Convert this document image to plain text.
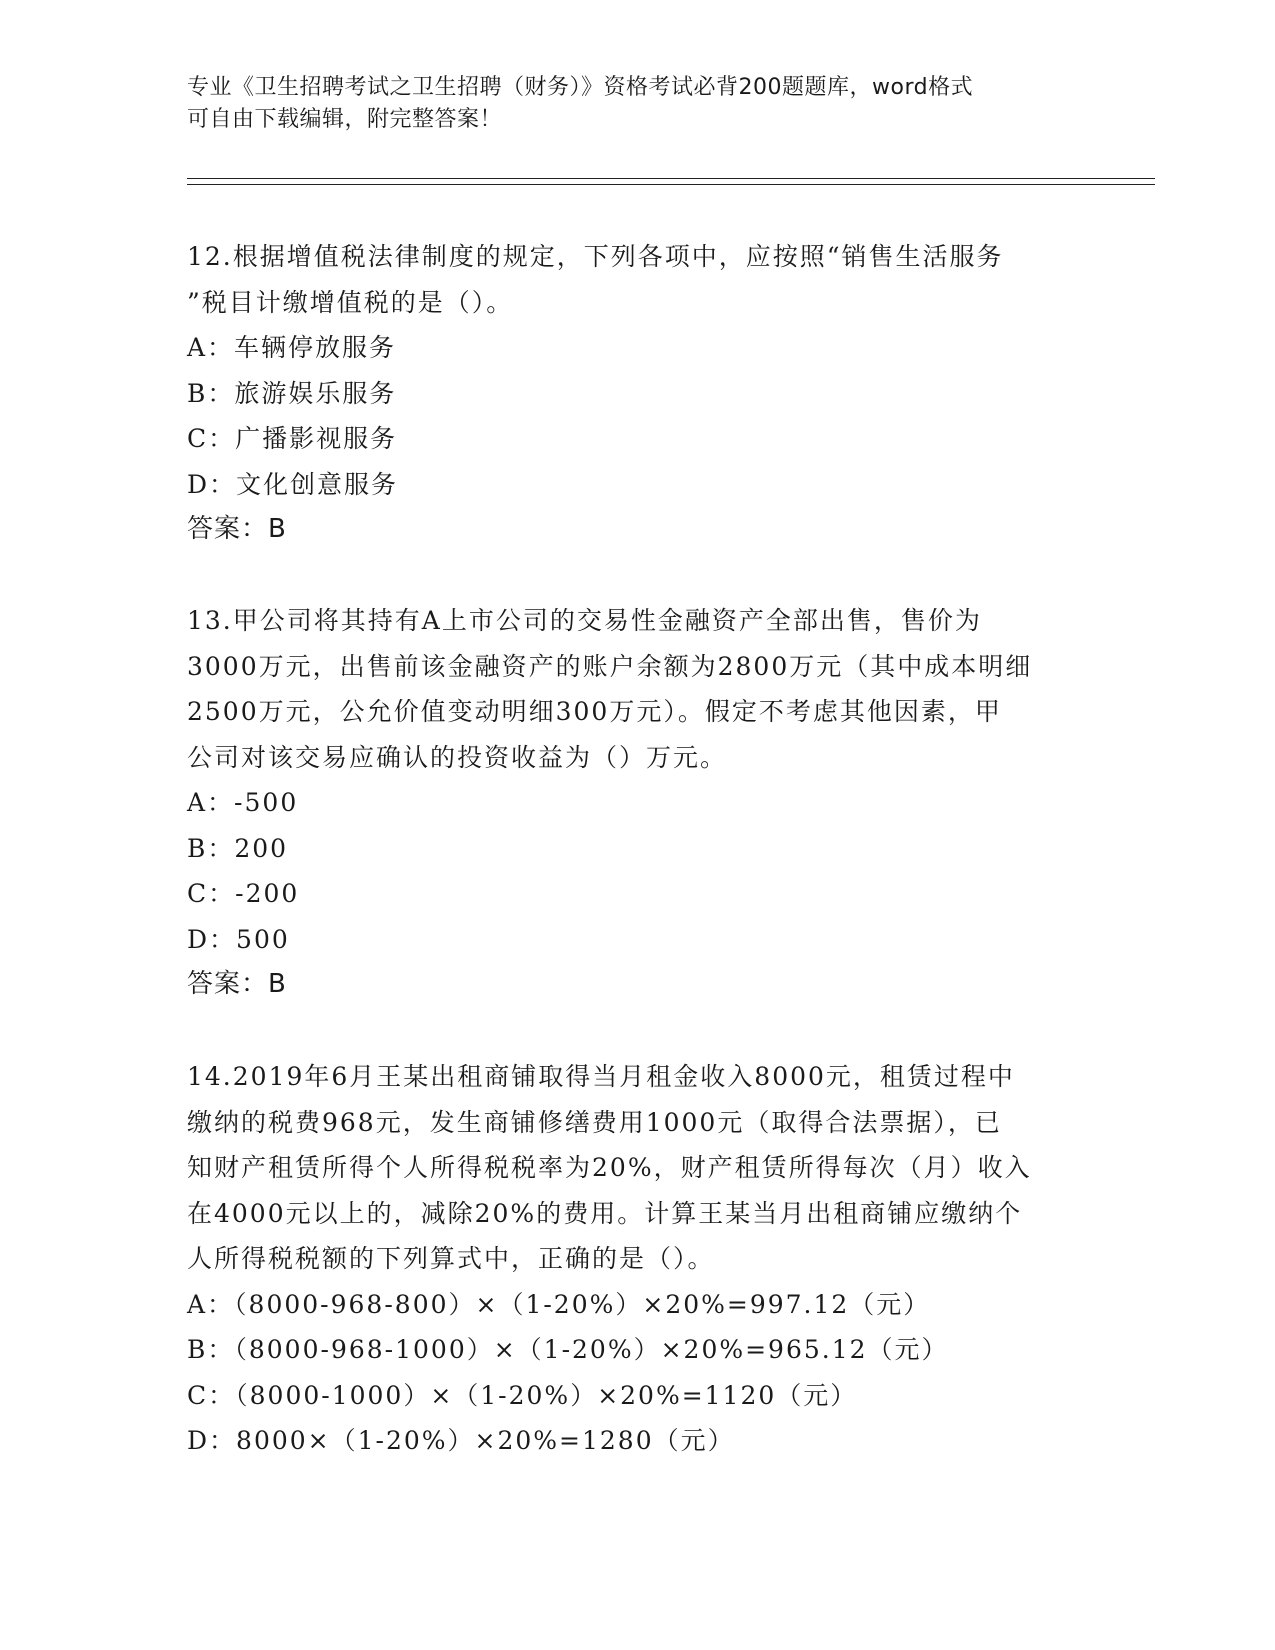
专业《卫生招聘考试之卫生招聘（财务）》资格考试必背200题题库，word格式
可自由下载编辑，附完整答案！

12.根据增值税法律制度的规定，下列各项中，应按照“销售生活服务

”税目计缴增值税的是（）。

A：车辆停放服务

B：旅游娱乐服务

C：广播影视服务

D：文化创意服务

答案：B

13.甲公司将其持有A上市公司的交易性金融资产全部出售，售价为

3000万元，出售前该金融资产的账户余额为2800万元（其中成本明细

2500万元，公允价值变动明细300万元）。假定不考虑其他因素，甲

公司对该交易应确认的投资收益为（）万元。

A：-500

B：200

C：-200

D：500

答案：B

14.2019年6月王某出租商铺取得当月租金收入8000元，租赁过程中

缴纳的税费968元，发生商铺修缮费用1000元（取得合法票据），已

知财产租赁所得个人所得税税率为20%，财产租赁所得每次（月）收入

在4000元以上的，减除20%的费用。计算王某当月出租商铺应缴纳个

人所得税税额的下列算式中，正确的是（）。

A：（8000-968-800）×（1-20%）×20%=997.12（元）

B：（8000-968-1000）×（1-20%）×20%=965.12（元）

C：（8000-1000）×（1-20%）×20%=1120（元）

D：8000×（1-20%）×20%=1280（元）
